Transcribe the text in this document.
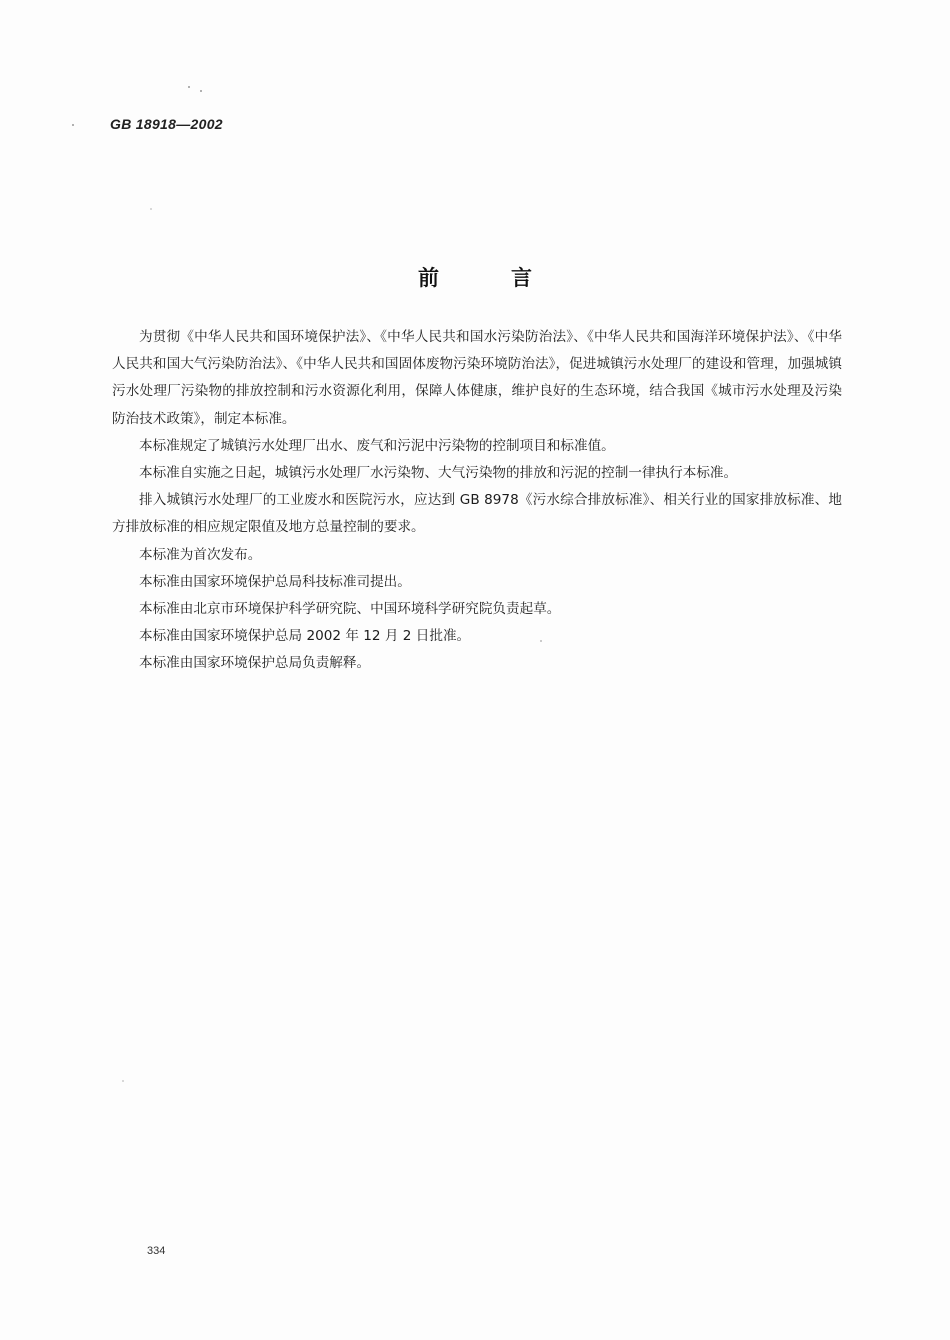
GB 18918—2002
前	言

为贯彻《中华人民共和国环境保护法》、《中华人民共和国水污染防治法》、《中华人民共和国海洋环境保护法》、《中华人民共和国大气污染防治法》、《中华人民共和国固体废物污染环境防治法》，促进城镇污水处理厂的建设和管理，加强城镇污水处理厂污染物的排放控制和污水资源化利用，保障人体健康，维护良好的生态环境，结合我国《城市污水处理及污染防治技术政策》，制定本标准。

本标准规定了城镇污水处理厂出水、废气和污泥中污染物的控制项目和标准值。

本标准自实施之日起，城镇污水处理厂水污染物、大气污染物的排放和污泥的控制一律执行本标准。

排入城镇污水处理厂的工业废水和医院污水，应达到 GB 8978《污水综合排放标准》、相关行业的国家排放标准、地方排放标准的相应规定限值及地方总量控制的要求。

本标准为首次发布。

本标准由国家环境保护总局科技标准司提出。

本标准由北京市环境保护科学研究院、中国环境科学研究院负责起草。

本标准由国家环境保护总局 2002 年 12 月 2 日批准。

本标准由国家环境保护总局负责解释。

334
